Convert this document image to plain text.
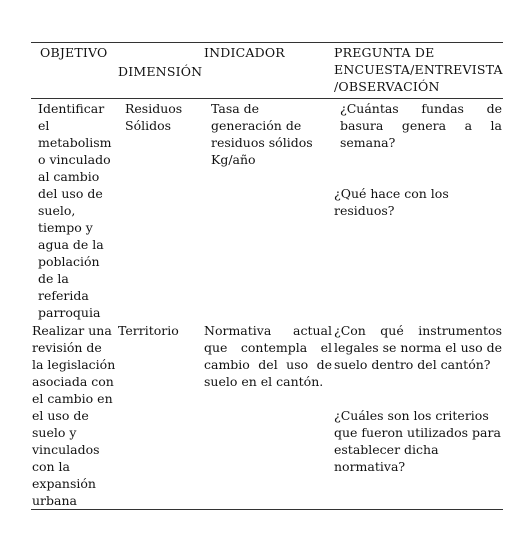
OBJETIVO	DIMENSIÓN	INDICADOR	PREGUNTA DE ENCUESTA/ENTREVISTA /OBSERVACIÓN
Identificar el metabolismo vinculado al cambio del uso de suelo, tiempo y agua de la población de la referida parroquia	Residuos Sólidos	Tasa de generación de residuos sólidos Kg/año	¿Cuántas fundas de basura genera a la semana?
¿Qué hace con los residuos?

Realizar una revisión de la legislación asociada con el cambio en el uso de suelo y vinculados con la expansión urbana	Territorio	Normativa actual que contempla el cambio del uso de suelo en el cantón.	¿Con qué instrumentos legales se norma el uso de suelo dentro del cantón?
¿Cuáles son los criterios que fueron utilizados para establecer dicha normativa?
